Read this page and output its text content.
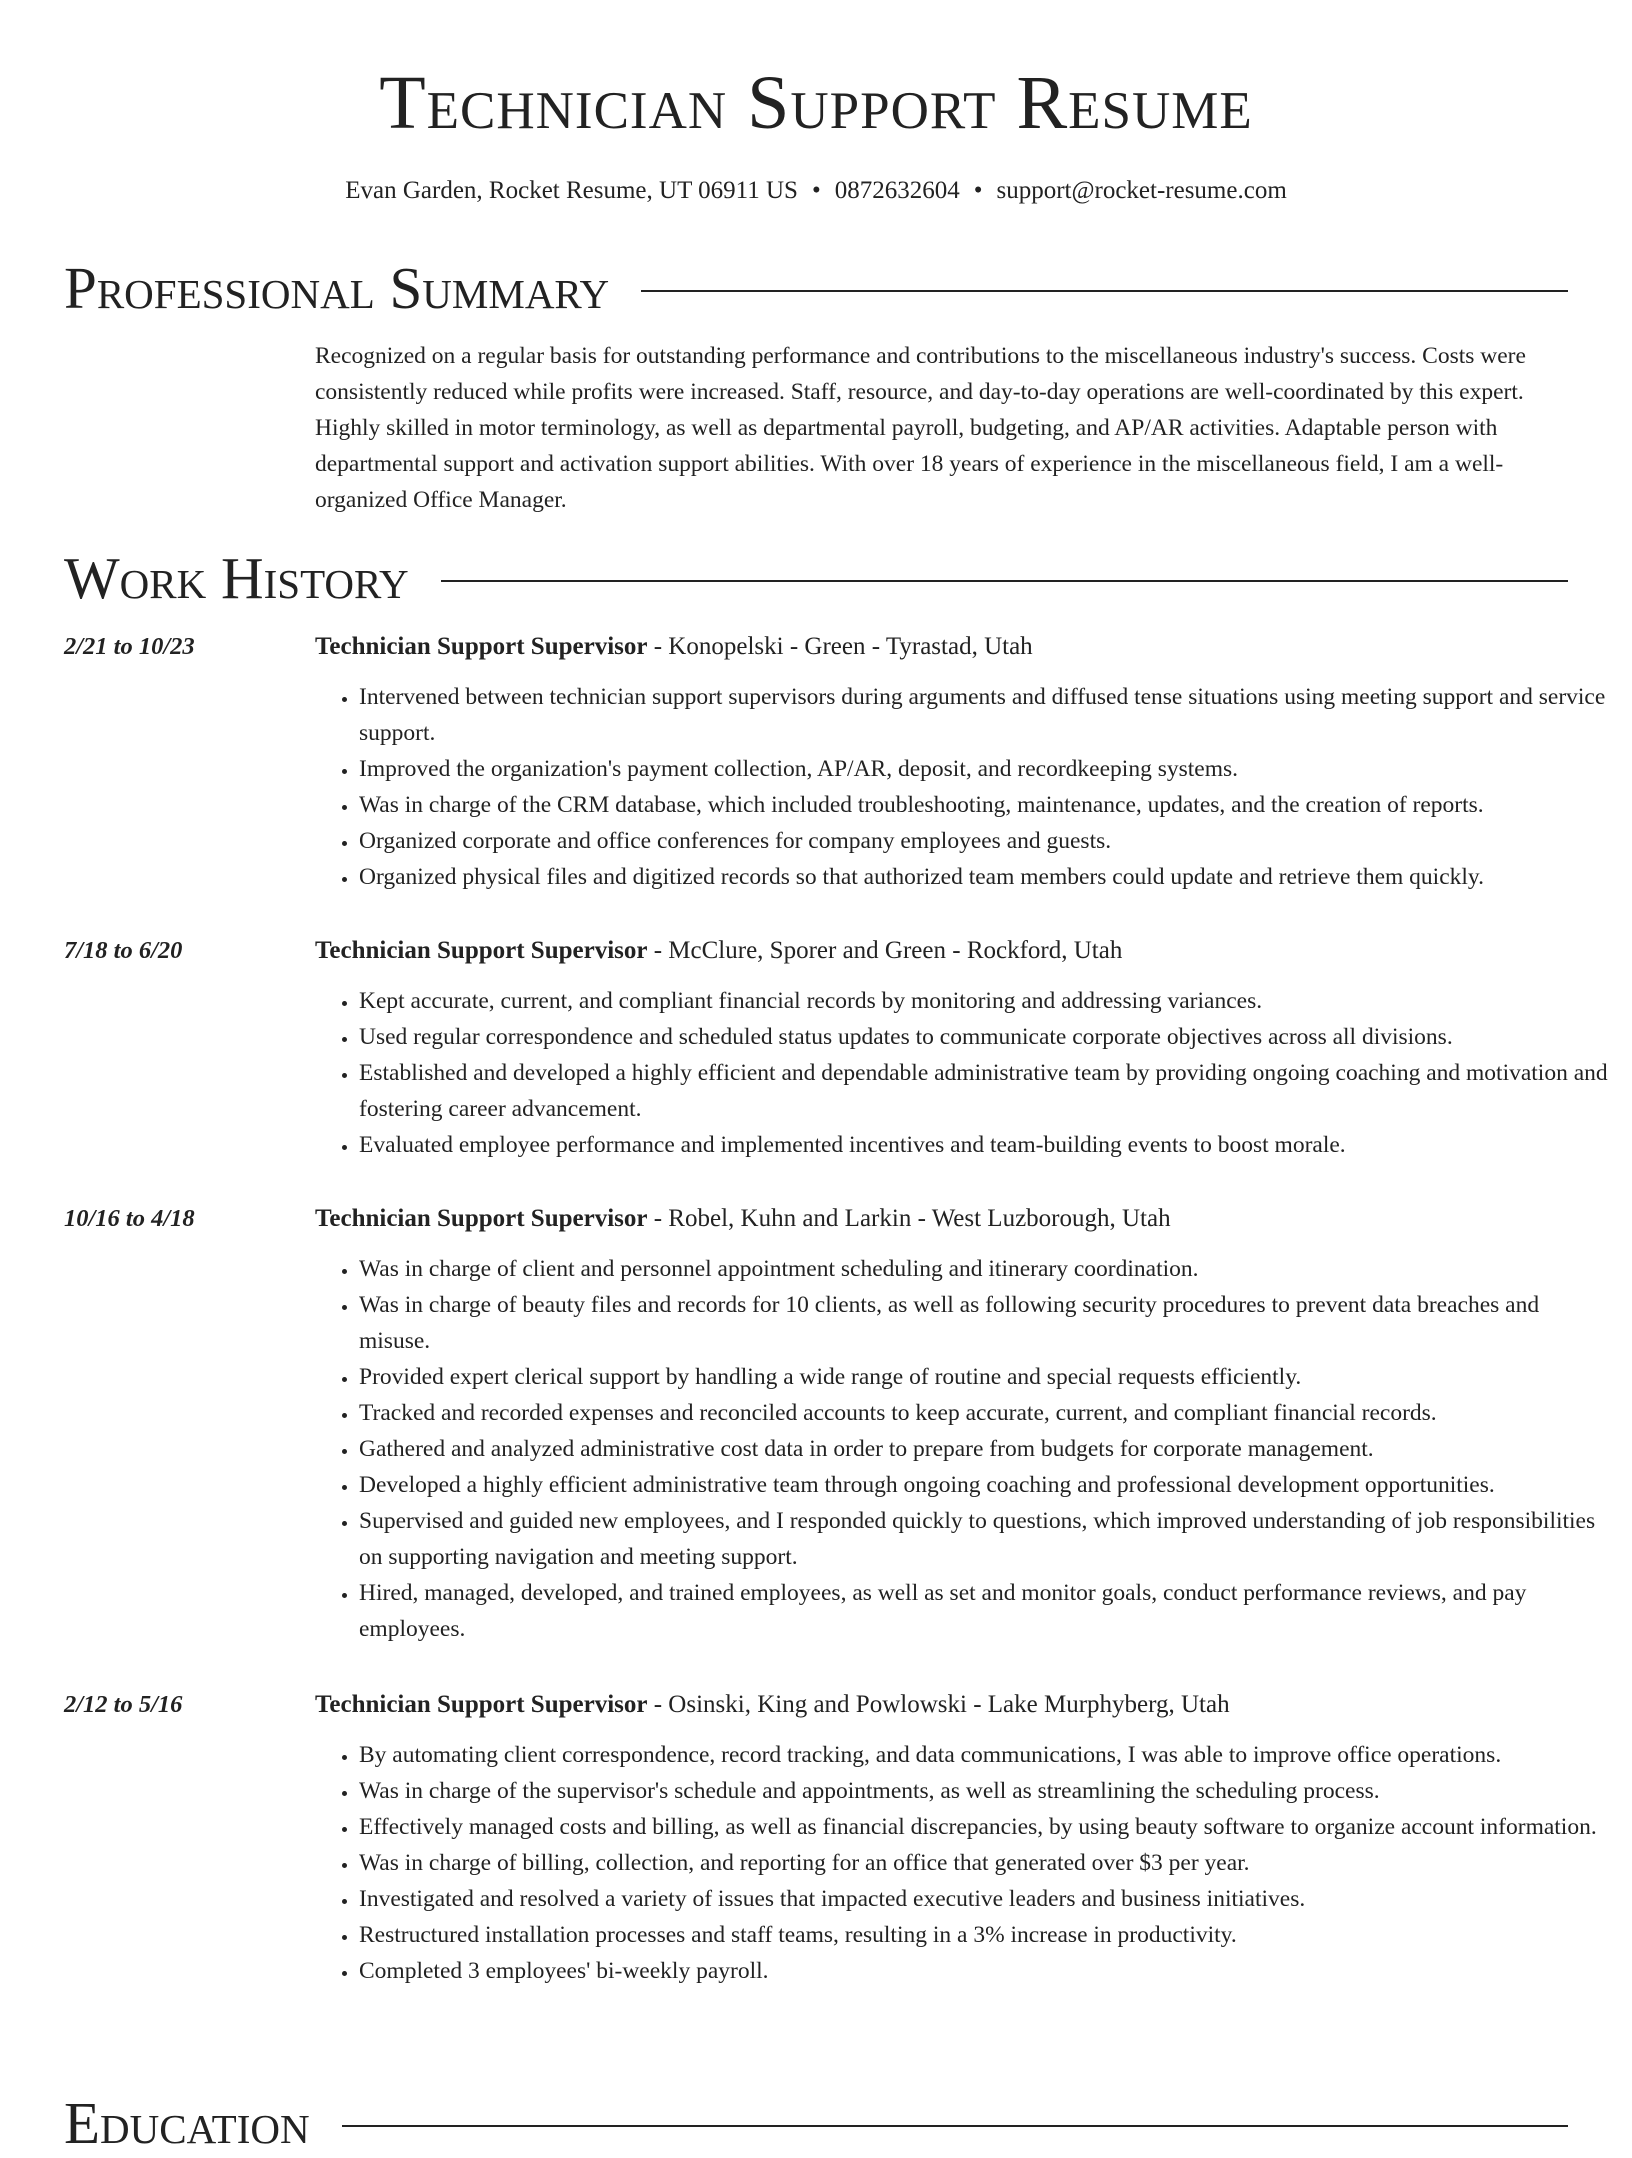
Technician Support Resume
Evan Garden, Rocket Resume, UT 06911 US • 0872632604 • support@rocket-resume.com
Professional Summary

Recognized on a regular basis for outstanding performance and contributions to the miscellaneous industry's success. Costs were consistently reduced while profits were increased. Staff, resource, and day-to-day operations are well-coordinated by this expert. Highly skilled in motor terminology, as well as departmental payroll, budgeting, and AP/AR activities. Adaptable person with departmental support and activation support abilities. With over 18 years of experience in the miscellaneous field, I am a well-organized Office Manager.

Work History
2/21 to 10/23	Technician Support Supervisor - Konopelski - Green - Tyrastad, Utah
• Intervened between technician support supervisors during arguments and diffused tense situations using meeting support and service support.
• Improved the organization's payment collection, AP/AR, deposit, and recordkeeping systems.
• Was in charge of the CRM database, which included troubleshooting, maintenance, updates, and the creation of reports.
• Organized corporate and office conferences for company employees and guests.
• Organized physical files and digitized records so that authorized team members could update and retrieve them quickly.
7/18 to 6/20	Technician Support Supervisor - McClure, Sporer and Green - Rockford, Utah
• Kept accurate, current, and compliant financial records by monitoring and addressing variances.
• Used regular correspondence and scheduled status updates to communicate corporate objectives across all divisions.
• Established and developed a highly efficient and dependable administrative team by providing ongoing coaching and motivation and fostering career advancement.
• Evaluated employee performance and implemented incentives and team-building events to boost morale.
10/16 to 4/18	Technician Support Supervisor - Robel, Kuhn and Larkin - West Luzborough, Utah
• Was in charge of client and personnel appointment scheduling and itinerary coordination.
• Was in charge of beauty files and records for 10 clients, as well as following security procedures to prevent data breaches and misuse.
• Provided expert clerical support by handling a wide range of routine and special requests efficiently.
• Tracked and recorded expenses and reconciled accounts to keep accurate, current, and compliant financial records.
• Gathered and analyzed administrative cost data in order to prepare from budgets for corporate management.
• Developed a highly efficient administrative team through ongoing coaching and professional development opportunities.
• Supervised and guided new employees, and I responded quickly to questions, which improved understanding of job responsibilities on supporting navigation and meeting support.
• Hired, managed, developed, and trained employees, as well as set and monitor goals, conduct performance reviews, and pay employees.
2/12 to 5/16	Technician Support Supervisor - Osinski, King and Powlowski - Lake Murphyberg, Utah
• By automating client correspondence, record tracking, and data communications, I was able to improve office operations.
• Was in charge of the supervisor's schedule and appointments, as well as streamlining the scheduling process.
• Effectively managed costs and billing, as well as financial discrepancies, by using beauty software to organize account information.
• Was in charge of billing, collection, and reporting for an office that generated over $3 per year.
• Investigated and resolved a variety of issues that impacted executive leaders and business initiatives.
• Restructured installation processes and staff teams, resulting in a 3% increase in productivity.
• Completed 3 employees' bi-weekly payroll.
Education
